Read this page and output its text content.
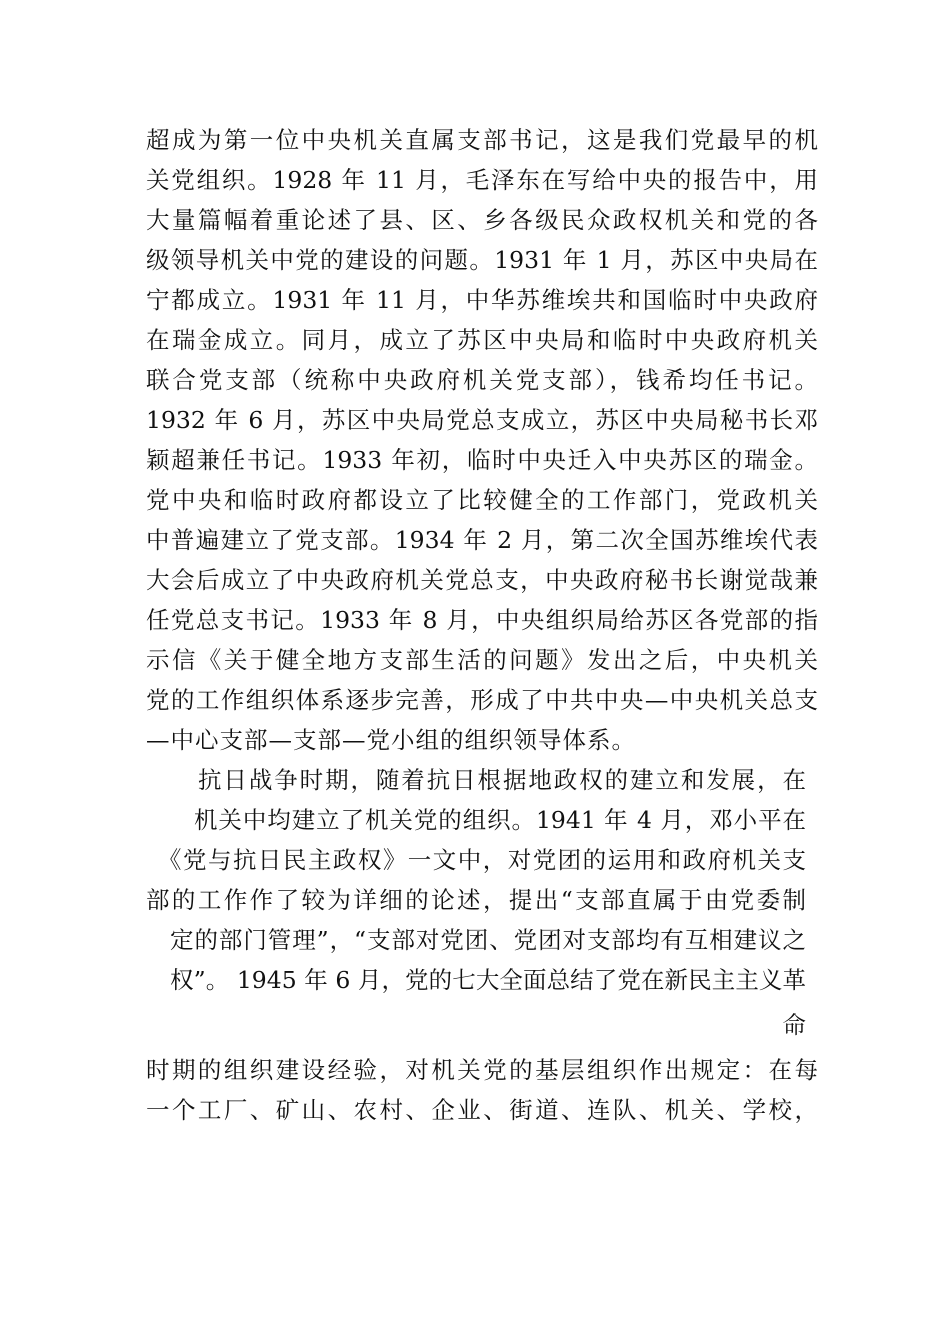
超成为第一位中央机关直属支部书记，这是我们党最早的机
关党组织。1928 年 11 月，毛泽东在写给中央的报告中，用
大量篇幅着重论述了县、区、乡各级民众政权机关和党的各
级领导机关中党的建设的问题。1931 年 1 月，苏区中央局在
宁都成立。1931 年 11 月，中华苏维埃共和国临时中央政府
在瑞金成立。同月，成立了苏区中央局和临时中央政府机关
联合党支部（统称中央政府机关党支部），钱希均任书记。
1932 年 6 月，苏区中央局党总支成立，苏区中央局秘书长邓
颖超兼任书记。1933 年初，临时中央迁入中央苏区的瑞金。
党中央和临时政府都设立了比较健全的工作部门，党政机关
中普遍建立了党支部。1934 年 2 月，第二次全国苏维埃代表
大会后成立了中央政府机关党总支，中央政府秘书长谢觉哉兼
任党总支书记。1933 年 8 月，中央组织局给苏区各党部的指
示信《关于健全地方支部生活的问题》发出之后，中央机关
党的工作组织体系逐步完善，形成了中共中央—中央机关总支
—中心支部—支部—党小组的组织领导体系。
抗日战争时期，随着抗日根据地政权的建立和发展，在
机关中均建立了机关党的组织。1941 年 4 月，邓小平在
《党与抗日民主政权》一文中，对党团的运用和政府机关支
部的工作作了较为详细的论述，提出“支部直属于由党委制
定的部门管理”，“支部对党团、党团对支部均有互相建议之
权”。 1945 年 6 月，党的七大全面总结了党在新民主主义革
命
时期的组织建设经验，对机关党的基层组织作出规定：在每
一个工厂、矿山、农村、企业、街道、连队、机关、学校，
